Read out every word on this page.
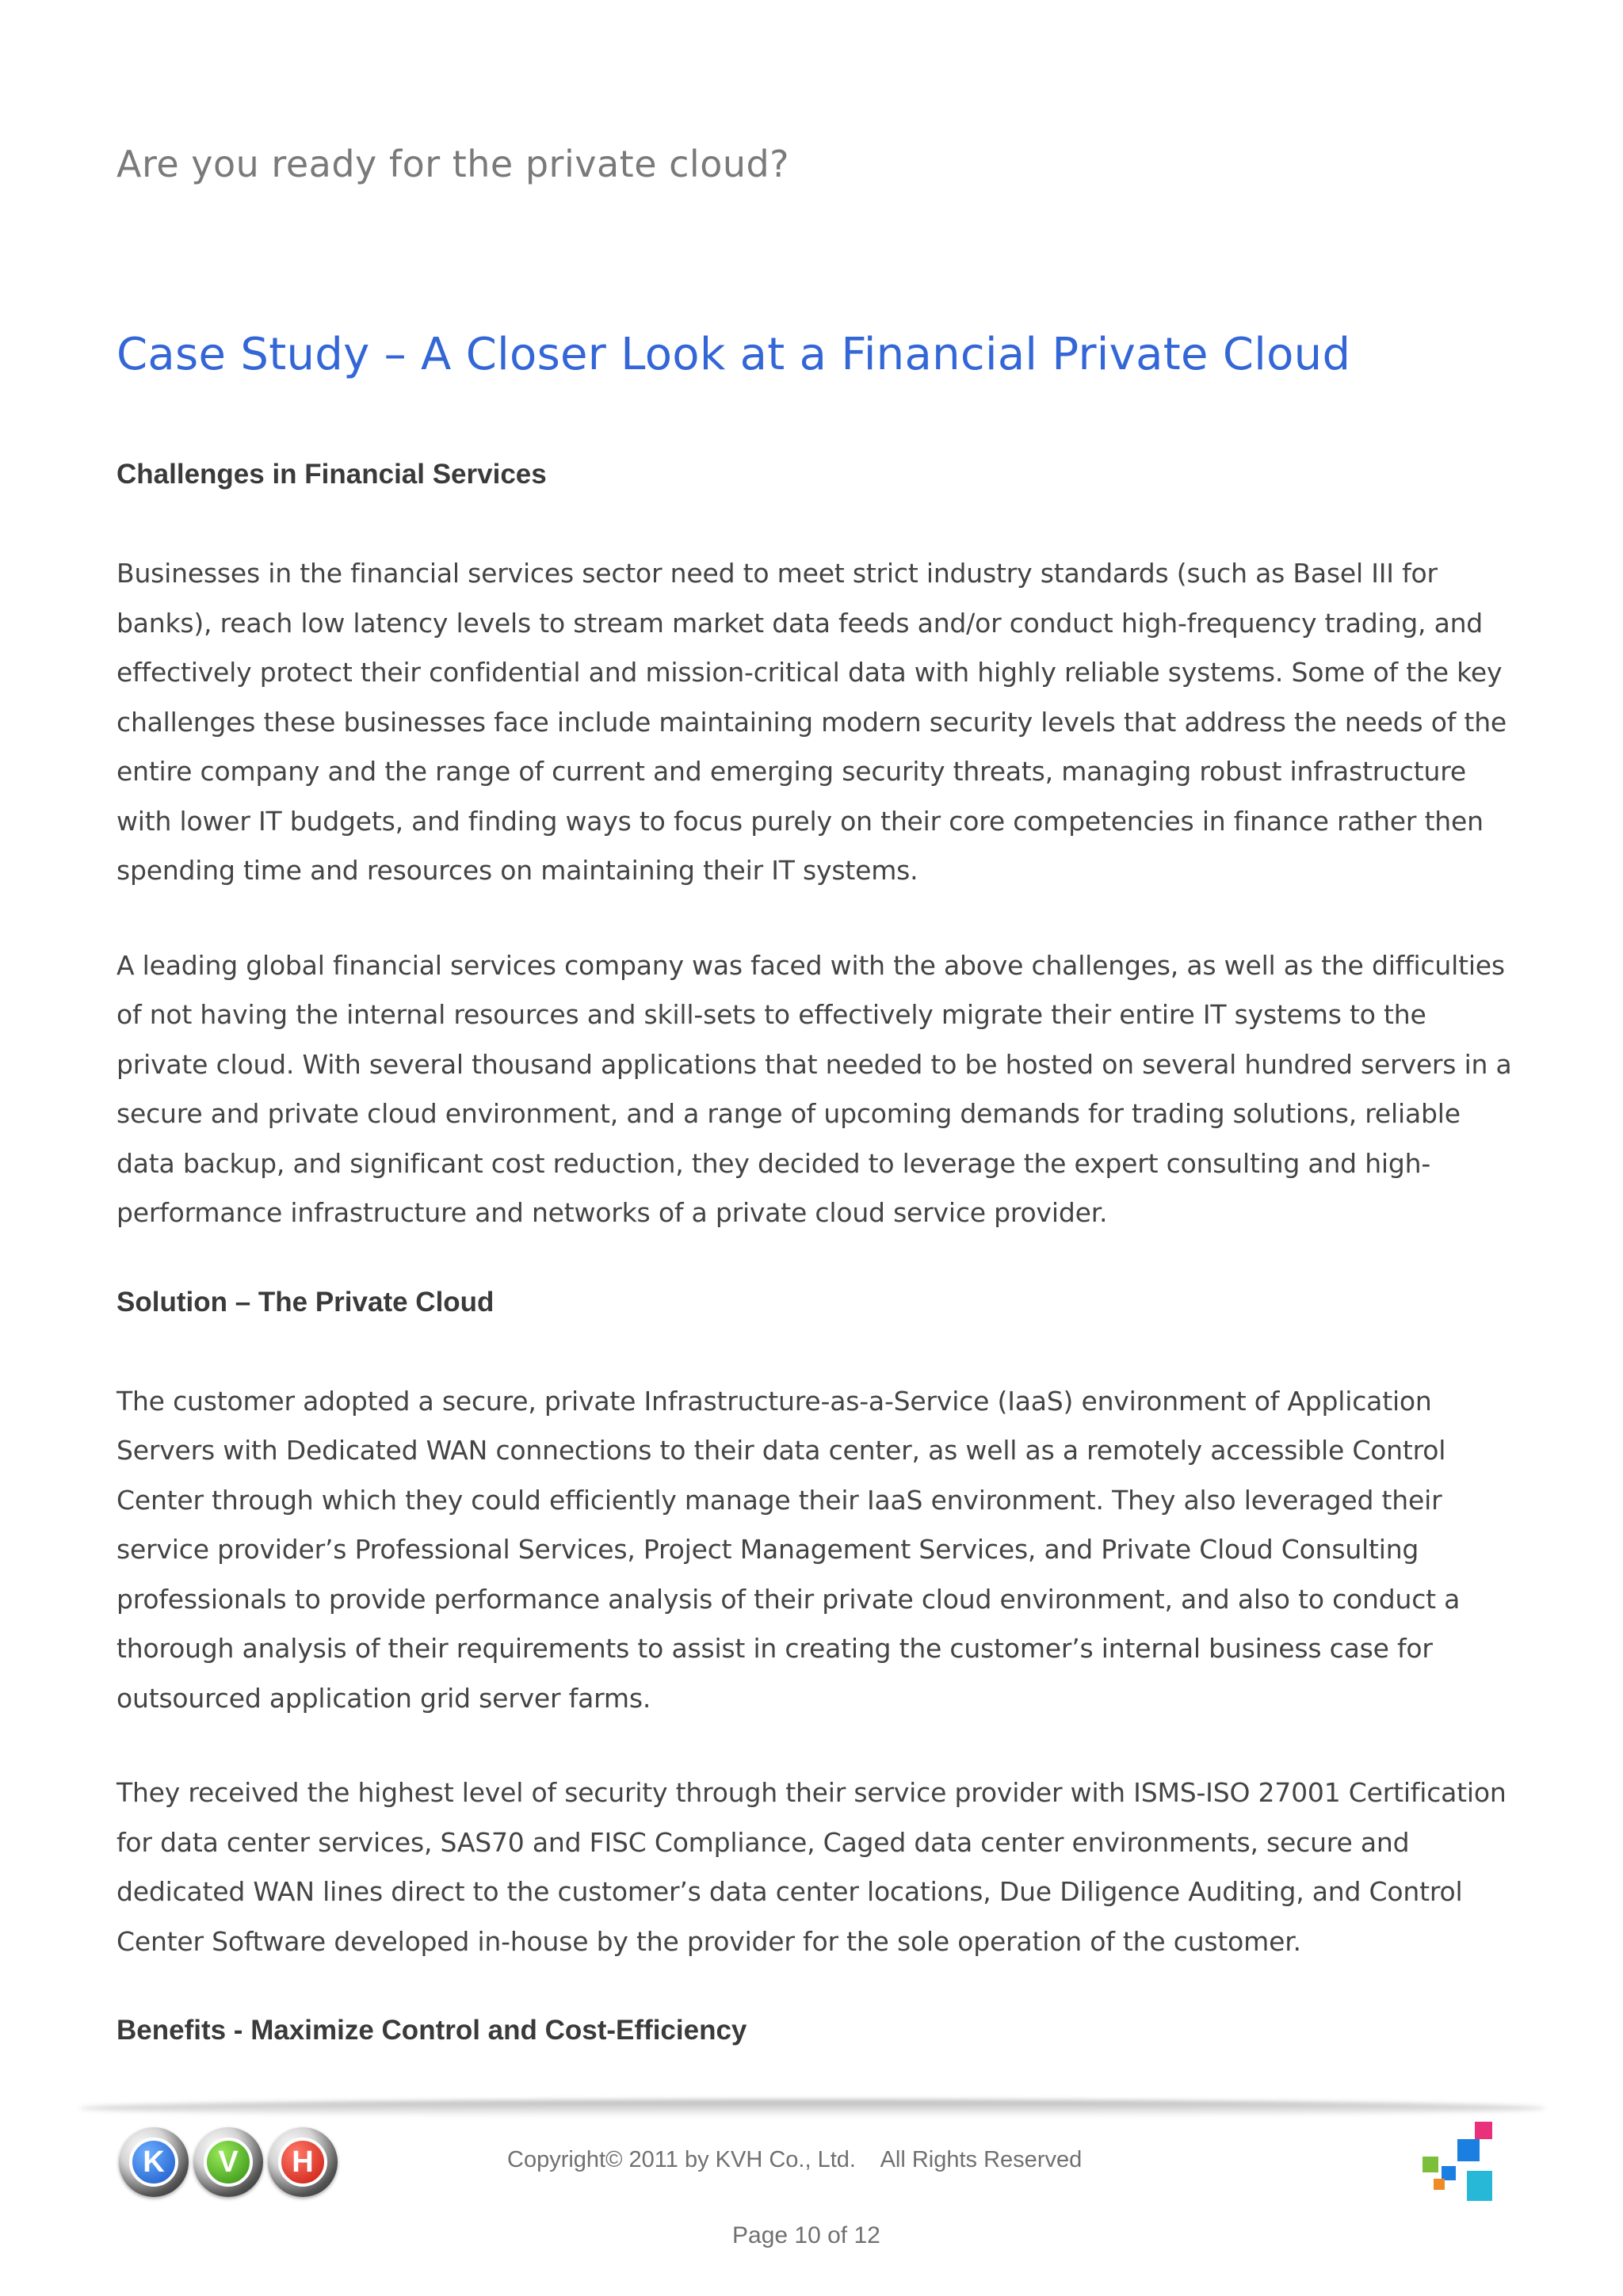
Are you ready for the private cloud?
Case Study – A Closer Look at a Financial Private Cloud

Challenges in Financial Services

Businesses in the financial services sector need to meet strict industry standards (such as Basel III for banks), reach low latency levels to stream market data feeds and/or conduct high-frequency trading, and effectively protect their confidential and mission-critical data with highly reliable systems. Some of the key challenges these businesses face include maintaining modern security levels that address the needs of the entire company and the range of current and emerging security threats, managing robust infrastructure with lower IT budgets, and finding ways to focus purely on their core competencies in finance rather then spending time and resources on maintaining their IT systems.

A leading global financial services company was faced with the above challenges, as well as the difficulties of not having the internal resources and skill-sets to effectively migrate their entire IT systems to the private cloud. With several thousand applications that needed to be hosted on several hundred servers in a secure and private cloud environment, and a range of upcoming demands for trading solutions, reliable data backup, and significant cost reduction, they decided to leverage the expert consulting and high-performance infrastructure and networks of a private cloud service provider.

Solution – The Private Cloud

The customer adopted a secure, private Infrastructure-as-a-Service (IaaS) environment of Application Servers with Dedicated WAN connections to their data center, as well as a remotely accessible Control Center through which they could efficiently manage their IaaS environment. They also leveraged their service provider’s Professional Services, Project Management Services, and Private Cloud Consulting professionals to provide performance analysis of their private cloud environment, and also to conduct a thorough analysis of their requirements to assist in creating the customer’s internal business case for outsourced application grid server farms.

They received the highest level of security through their service provider with ISMS-ISO 27001 Certification for data center services, SAS70 and FISC Compliance, Caged data center environments, secure and dedicated WAN lines direct to the customer’s data center locations, Due Diligence Auditing, and Control Center Software developed in-house by the provider for the sole operation of the customer.

Benefits - Maximize Control and Cost-Efficiency

K	V	H	Copyright© 2011 by KVH Co., Ltd.    All Rights Reserved
Page 10 of 12
